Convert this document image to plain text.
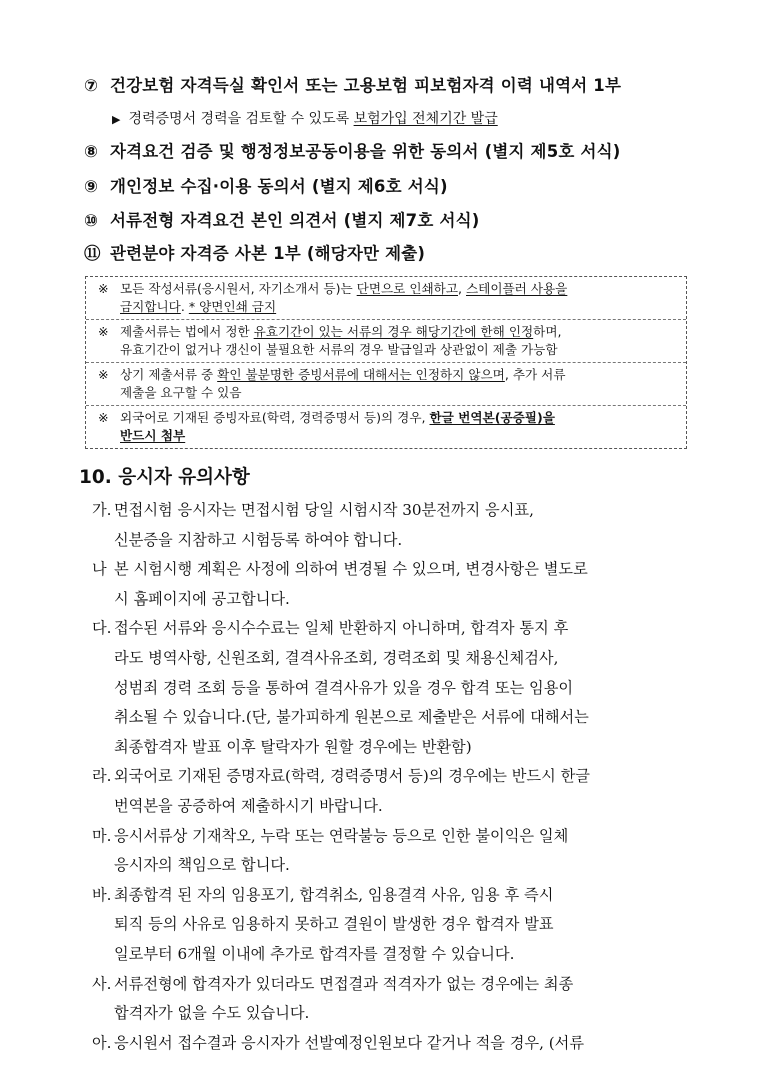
⑦ 건강보험 자격득실 확인서 또는 고용보험 피보험자격 이력 내역서 1부
▶ 경력증명서 경력을 검토할 수 있도록 보험가입 전체기간 발급
⑧ 자격요건 검증 및 행정정보공동이용을 위한 동의서 (별지 제5호 서식)
⑨ 개인정보 수집·이용 동의서 (별지 제6호 서식)
⑩ 서류전형 자격요건 본인 의견서 (별지 제7호 서식)
⑪ 관련분야 자격증 사본 1부 (해당자만 제출)
※ 모든 작성서류(응시원서, 자기소개서 등)는 단면으로 인쇄하고, 스테이플러 사용을
금지합니다. * 양면인쇄 금지
※ 제출서류는 법에서 정한 유효기간이 있는 서류의 경우 해당기간에 한해 인정하며,
유효기간이 없거나 갱신이 불필요한 서류의 경우 발급일과 상관없이 제출 가능함
※ 상기 제출서류 중 확인 불분명한 증빙서류에 대해서는 인정하지 않으며, 추가 서류
제출을 요구할 수 있음
※ 외국어로 기재된 증빙자료(학력, 경력증명서 등)의 경우, 한글 번역본(공증필)을
반드시 첨부
10. 응시자 유의사항
가. 면접시험 응시자는 면접시험 당일 시험시작 30분전까지 응시표,
신분증을 지참하고 시험등록 하여야 합니다.
나 본 시험시행 계획은 사정에 의하여 변경될 수 있으며, 변경사항은 별도로
시 홈페이지에 공고합니다.
다. 접수된 서류와 응시수수료는 일체 반환하지 아니하며, 합격자 통지 후
라도 병역사항, 신원조회, 결격사유조회, 경력조회 및 채용신체검사,
성범죄 경력 조회 등을 통하여 결격사유가 있을 경우 합격 또는 임용이
취소될 수 있습니다.(단, 불가피하게 원본으로 제출받은 서류에 대해서는
최종합격자 발표 이후 탈락자가 원할 경우에는 반환함)
라. 외국어로 기재된 증명자료(학력, 경력증명서 등)의 경우에는 반드시 한글
번역본을 공증하여 제출하시기 바랍니다.
마. 응시서류상 기재착오, 누락 또는 연락불능 등으로 인한 불이익은 일체
응시자의 책임으로 합니다.
바. 최종합격 된 자의 임용포기, 합격취소, 임용결격 사유, 임용 후 즉시
퇴직 등의 사유로 임용하지 못하고 결원이 발생한 경우 합격자 발표
일로부터 6개월 이내에 추가로 합격자를 결정할 수 있습니다.
사. 서류전형에 합격자가 있더라도 면접결과 적격자가 없는 경우에는 최종
합격자가 없을 수도 있습니다.
아. 응시원서 접수결과 응시자가 선발예정인원보다 같거나 적을 경우, (서류
